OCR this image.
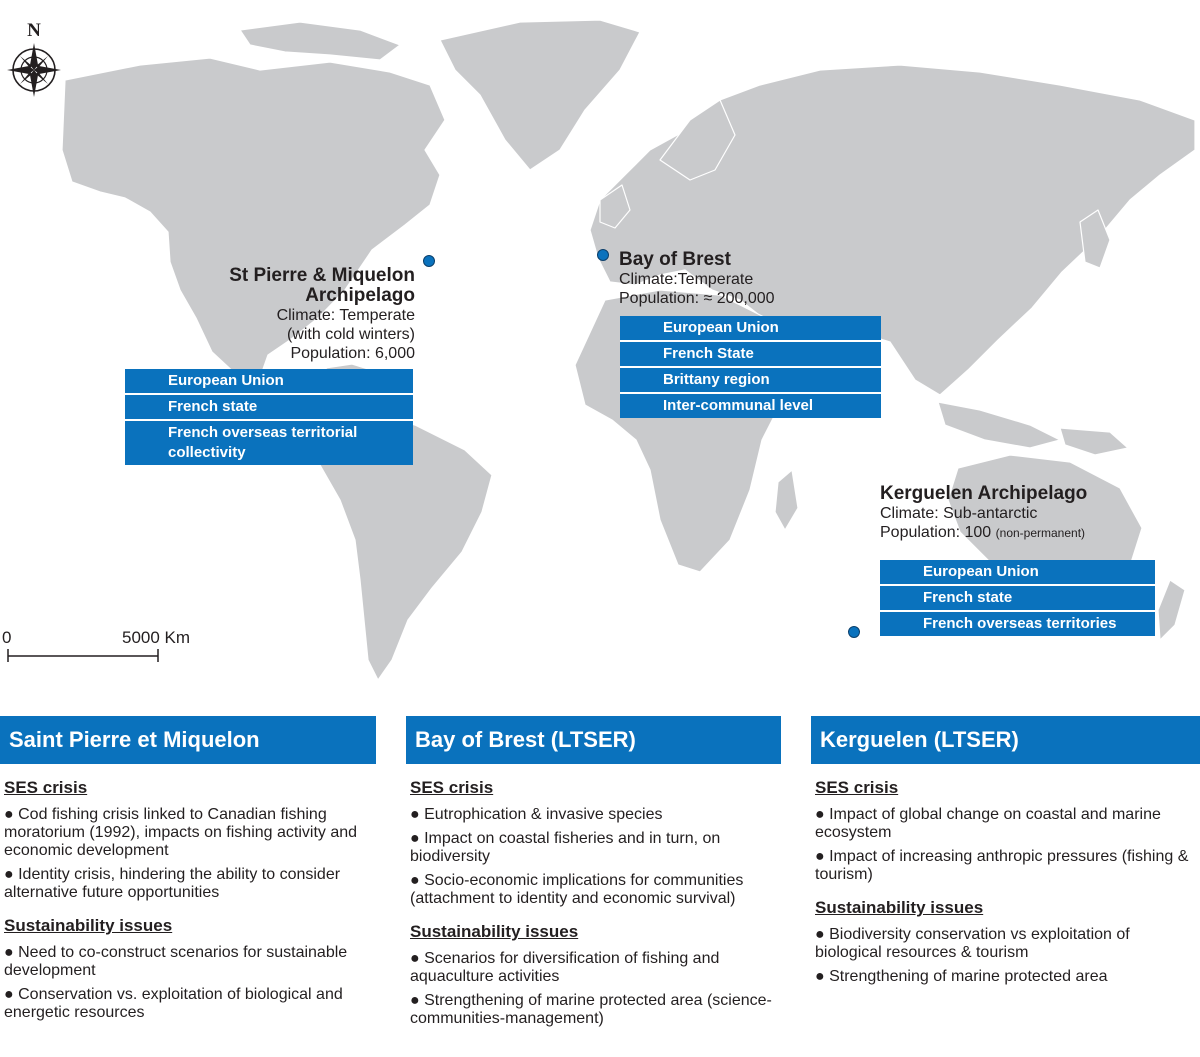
N
0	5000 Km
St Pierre & Miquelon
Archipelago
Climate: Temperate
(with cold winters)
Population: 6,000
European Union
French state
French overseas territorial collectivity
Bay of Brest
Climate:Temperate
Population: ≈ 200,000
European Union
French State
Brittany region
Inter-communal level
Kerguelen Archipelago
Climate: Sub-antarctic
Population: 100 (non-permanent)
European Union
French state
French overseas territories
Saint Pierre et Miquelon
SES crisis
● Cod fishing crisis linked to Canadian fishing moratorium (1992), impacts on fishing activity and economic development
● Identity crisis, hindering the ability to consider alternative future opportunities
Sustainability issues
● Need to co-construct scenarios for sustainable development
● Conservation vs. exploitation of biological and energetic resources
Bay of Brest (LTSER)
SES crisis
● Eutrophication & invasive species
● Impact on coastal fisheries and in turn, on biodiversity
● Socio-economic implications for communities (attachment to identity and economic survival)
Sustainability issues
● Scenarios for diversification of fishing and aquaculture activities
● Strengthening of marine protected area (science-communities-management)
Kerguelen (LTSER)
SES crisis
● Impact of global change on coastal and marine ecosystem
● Impact of increasing anthropic pressures (fishing & tourism)
Sustainability issues
● Biodiversity conservation vs exploitation of biological resources & tourism
● Strengthening of marine protected area
